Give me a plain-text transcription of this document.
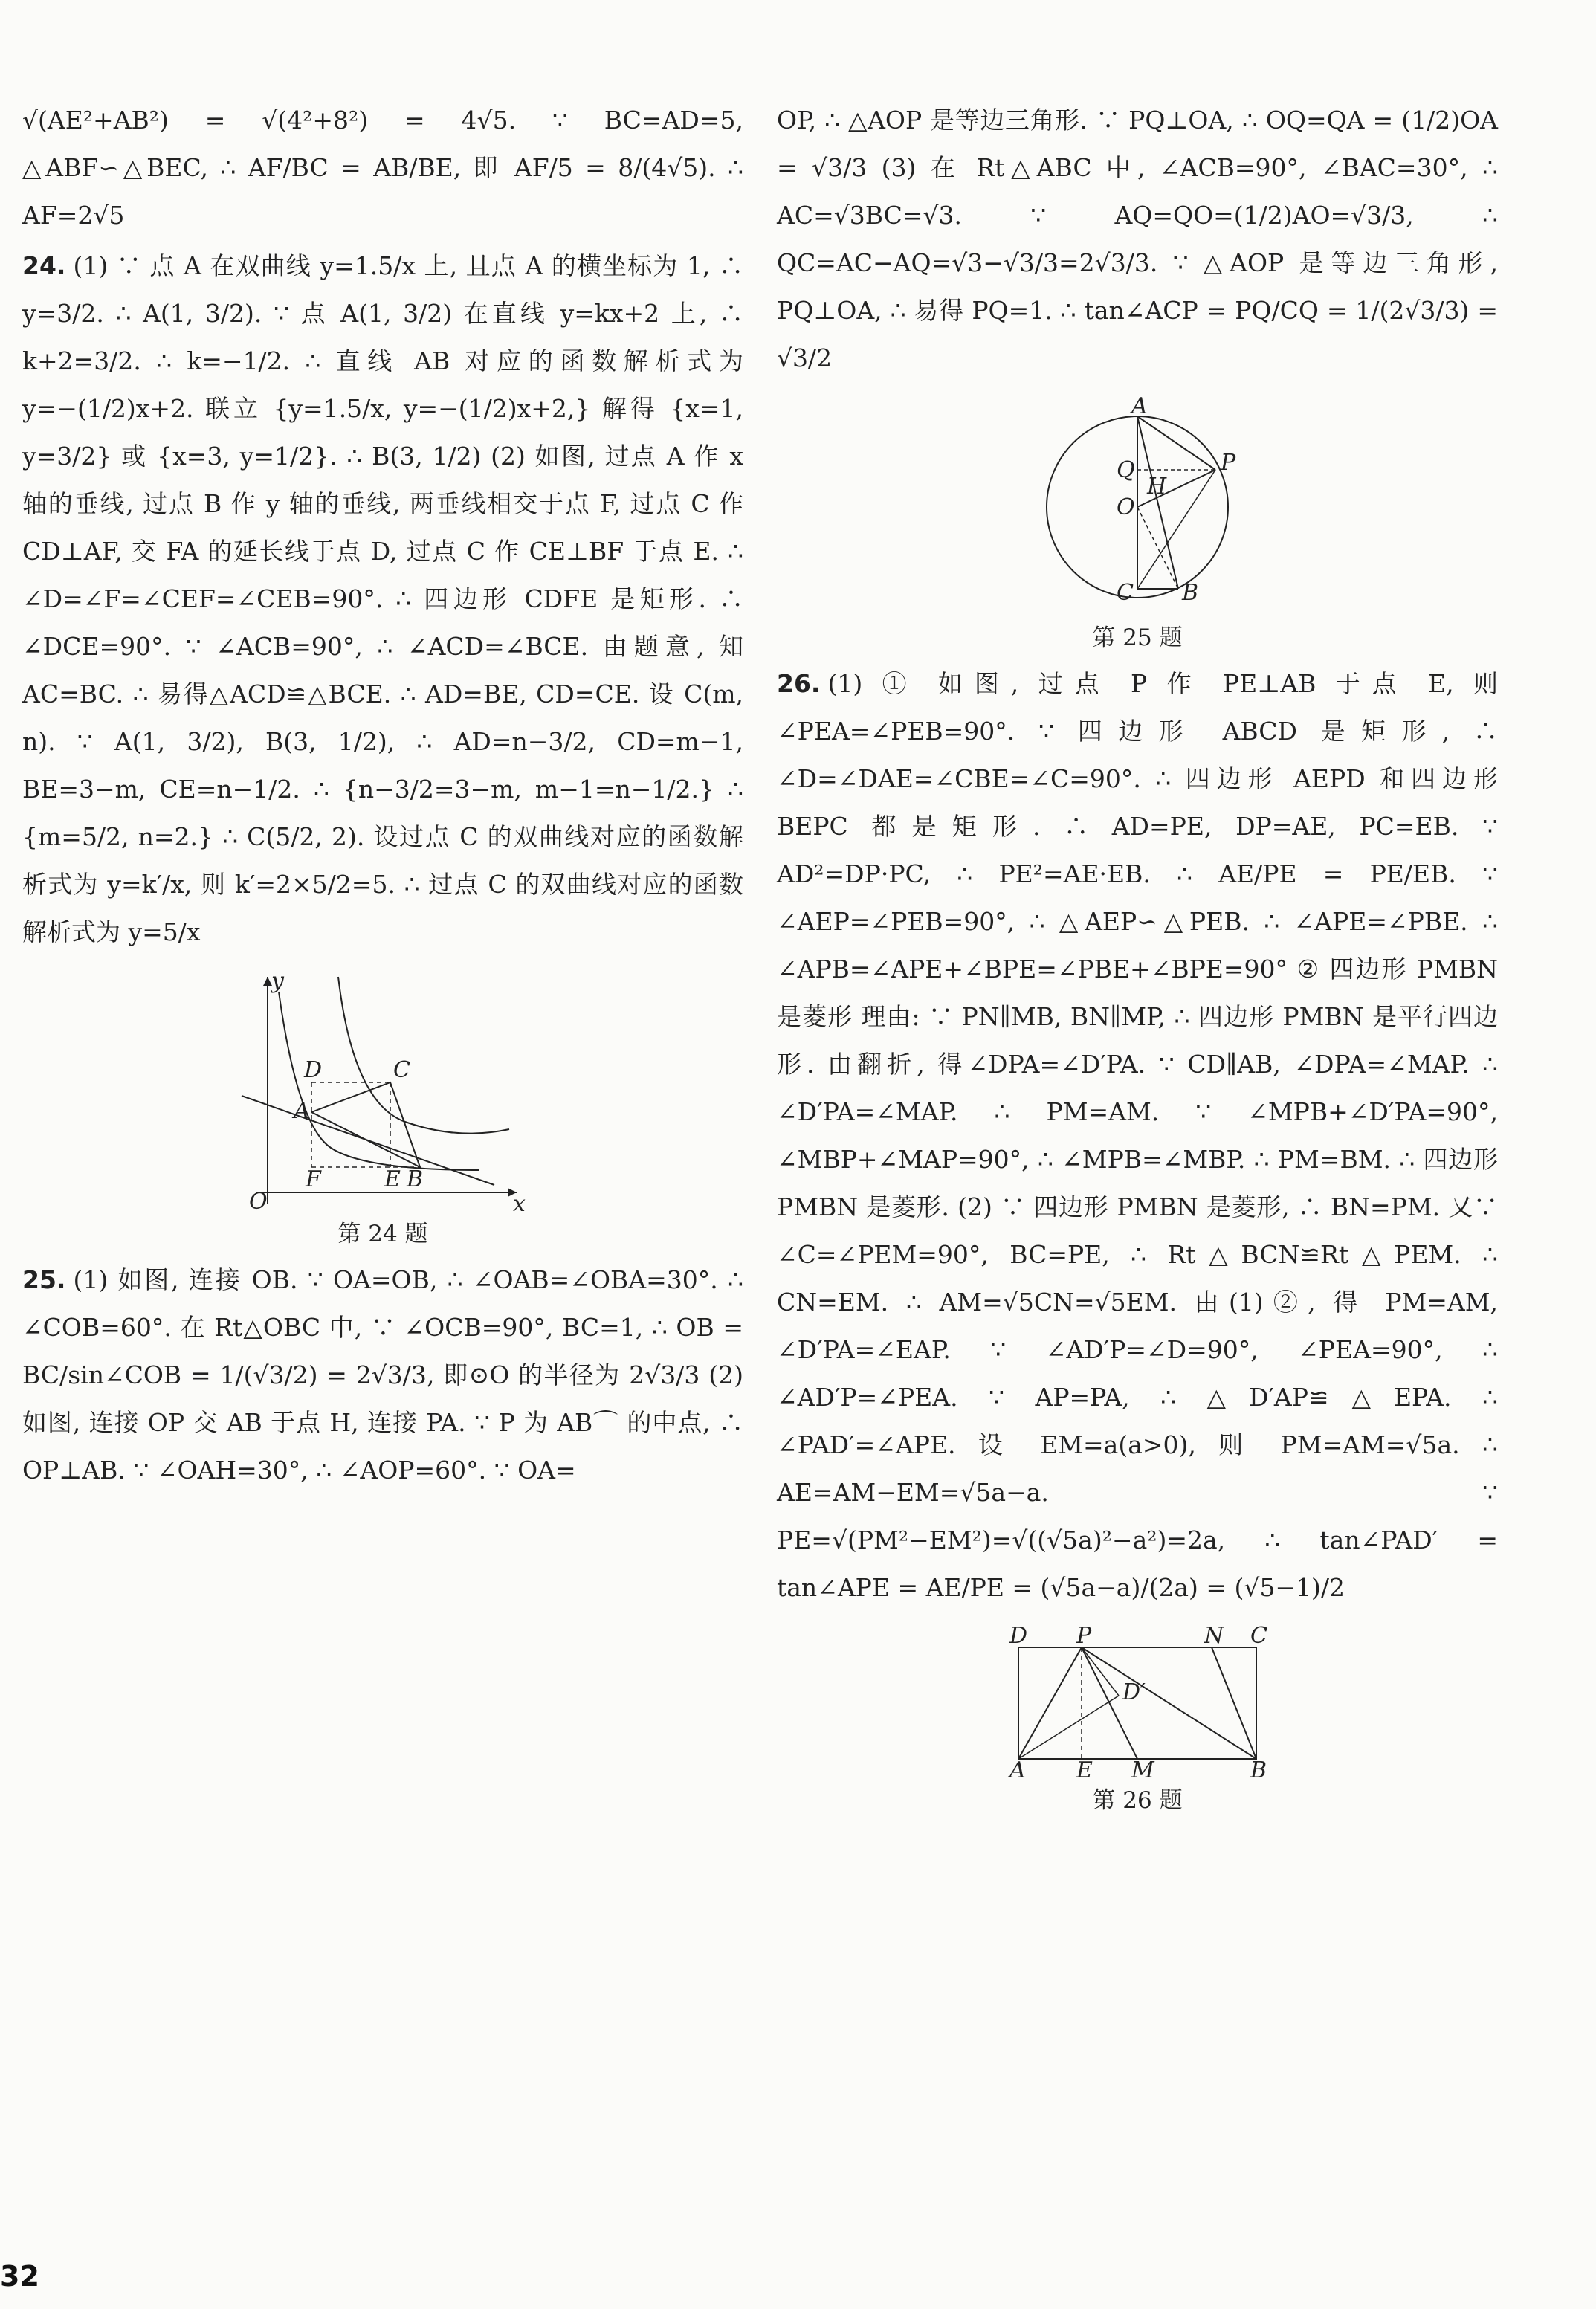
√(AE²+AB²) = √(4²+8²) = 4√5. ∵ BC=AD=5, △ABF∽△BEC, ∴ AF/BC = AB/BE, 即 AF/5 = 8/(4√5). ∴ AF=2√5

24. (1) ∵ 点 A 在双曲线 y=1.5/x 上, 且点 A 的横坐标为 1, ∴ y=3/2. ∴ A(1, 3/2). ∵ 点 A(1, 3/2) 在直线 y=kx+2 上, ∴ k+2=3/2. ∴ k=−1/2. ∴ 直线 AB 对应的函数解析式为 y=−(1/2)x+2. 联立 {y=1.5/x, y=−(1/2)x+2,} 解得 {x=1, y=3/2} 或 {x=3, y=1/2}. ∴ B(3, 1/2) (2) 如图, 过点 A 作 x 轴的垂线, 过点 B 作 y 轴的垂线, 两垂线相交于点 F, 过点 C 作 CD⊥AF, 交 FA 的延长线于点 D, 过点 C 作 CE⊥BF 于点 E. ∴ ∠D=∠F=∠CEF=∠CEB=90°. ∴ 四边形 CDFE 是矩形. ∴ ∠DCE=90°. ∵ ∠ACB=90°, ∴ ∠ACD=∠BCE. 由题意, 知 AC=BC. ∴ 易得△ACD≌△BCE. ∴ AD=BE, CD=CE. 设 C(m, n). ∵ A(1, 3/2), B(3, 1/2), ∴ AD=n−3/2, CD=m−1, BE=3−m, CE=n−1/2. ∴ {n−3/2=3−m, m−1=n−1/2.} ∴ {m=5/2, n=2.} ∴ C(5/2, 2). 设过点 C 的双曲线对应的函数解析式为 y=k′/x, 则 k′=2×5/2=5. ∴ 过点 C 的双曲线对应的函数解析式为 y=5/x

y
x
O
D	C
A
F	E B
第 24 题

25. (1) 如图, 连接 OB. ∵ OA=OB, ∴ ∠OAB=∠OBA=30°. ∴ ∠COB=60°. 在 Rt△OBC 中, ∵ ∠OCB=90°, BC=1, ∴ OB = BC/sin∠COB = 1/(√3/2) = 2√3/3, 即⊙O 的半径为 2√3/3 (2) 如图, 连接 OP 交 AB 于点 H, 连接 PA. ∵ P 为 AB⌒ 的中点, ∴ OP⊥AB. ∵ ∠OAH=30°, ∴ ∠AOP=60°. ∵ OA=

OP, ∴ △AOP 是等边三角形. ∵ PQ⊥OA, ∴ OQ=QA = (1/2)OA = √3/3 (3) 在 Rt△ABC 中, ∠ACB=90°, ∠BAC=30°, ∴ AC=√3BC=√3. ∵ AQ=QO=(1/2)AO=√3/3, ∴ QC=AC−AQ=√3−√3/3=2√3/3. ∵ △AOP 是等边三角形, PQ⊥OA, ∴ 易得 PQ=1. ∴ tan∠ACP = PQ/CQ = 1/(2√3/3) = √3/2

A
P
Q
H
O
C B
第 25 题

26. (1) ① 如图, 过点 P 作 PE⊥AB 于点 E, 则∠PEA=∠PEB=90°. ∵ 四边形 ABCD 是矩形, ∴ ∠D=∠DAE=∠CBE=∠C=90°. ∴ 四边形 AEPD 和四边形 BEPC 都是矩形. ∴ AD=PE, DP=AE, PC=EB. ∵ AD²=DP·PC, ∴ PE²=AE·EB. ∴ AE/PE = PE/EB. ∵ ∠AEP=∠PEB=90°, ∴ △AEP∽△PEB. ∴ ∠APE=∠PBE. ∴ ∠APB=∠APE+∠BPE=∠PBE+∠BPE=90° ② 四边形 PMBN 是菱形 理由: ∵ PN∥MB, BN∥MP, ∴ 四边形 PMBN 是平行四边形. 由翻折, 得∠DPA=∠D′PA. ∵ CD∥AB, ∠DPA=∠MAP. ∴ ∠D′PA=∠MAP. ∴ PM=AM. ∵ ∠MPB+∠D′PA=90°, ∠MBP+∠MAP=90°, ∴ ∠MPB=∠MBP. ∴ PM=BM. ∴ 四边形 PMBN 是菱形. (2) ∵ 四边形 PMBN 是菱形, ∴ BN=PM. 又∵ ∠C=∠PEM=90°, BC=PE, ∴ Rt△BCN≌Rt△PEM. ∴ CN=EM. ∴ AM=√5CN=√5EM. 由(1)②, 得 PM=AM, ∠D′PA=∠EAP. ∵ ∠AD′P=∠D=90°, ∠PEA=90°, ∴ ∠AD′P=∠PEA. ∵ AP=PA, ∴ △D′AP≌△EPA. ∴ ∠PAD′=∠APE. 设 EM=a(a>0), 则 PM=AM=√5a. ∴ AE=AM−EM=√5a−a. ∵ PE=√(PM²−EM²)=√((√5a)²−a²)=2a, ∴ tan∠PAD′ = tan∠APE = AE/PE = (√5a−a)/(2a) = (√5−1)/2

D P	N C
D′
A E M	B
第 26 题
32
